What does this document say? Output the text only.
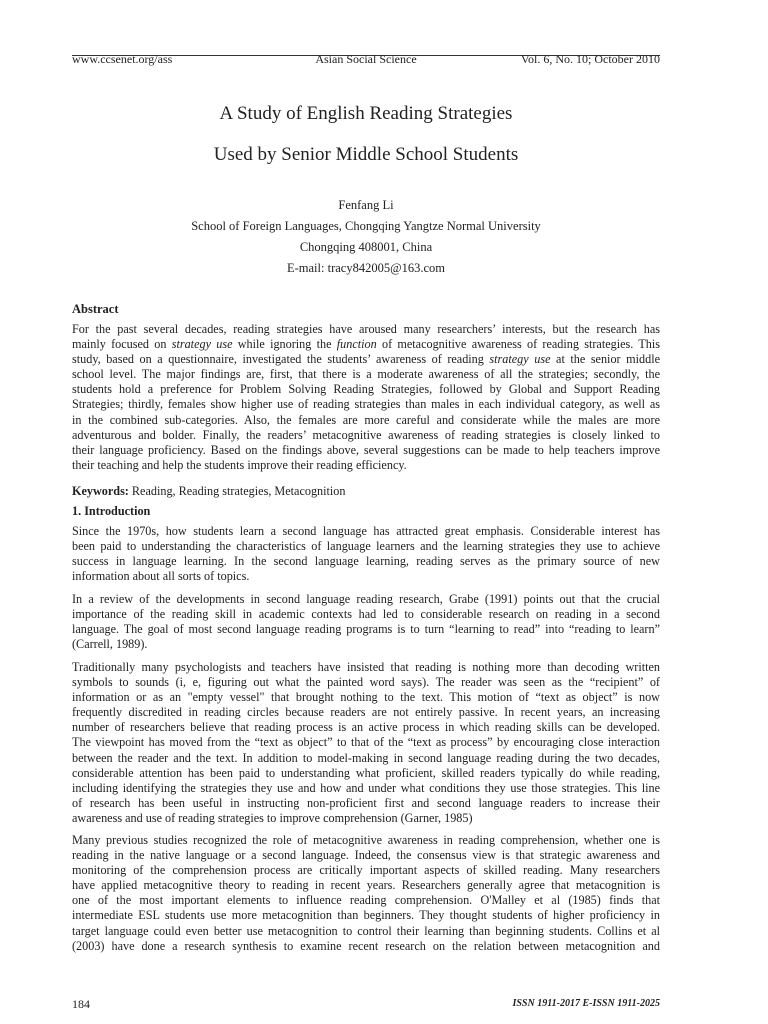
www.ccsenet.org/ass	Asian Social Science	Vol. 6, No. 10; October 2010
A Study of English Reading Strategies
Used by Senior Middle School Students
Fenfang Li
School of Foreign Languages, Chongqing Yangtze Normal University
Chongqing 408001, China
E-mail: tracy842005@163.com
Abstract
For the past several decades, reading strategies have aroused many researchers’ interests, but the research has
mainly focused on strategy use while ignoring the function of metacognitive awareness of reading strategies. This
study, based on a questionnaire, investigated the students’ awareness of reading strategy use at the senior middle
school level. The major findings are, first, that there is a moderate awareness of all the strategies; secondly, the
students hold a preference for Problem Solving Reading Strategies, followed by Global and Support Reading
Strategies; thirdly, females show higher use of reading strategies than males in each individual category, as well as
in the combined sub-categories. Also, the females are more careful and considerate while the males are more
adventurous and bolder. Finally, the readers’ metacognitive awareness of reading strategies is closely linked to
their language proficiency. Based on the findings above, several suggestions can be made to help teachers improve
their teaching and help the students improve their reading efficiency.
Keywords: Reading, Reading strategies, Metacognition
1. Introduction
Since the 1970s, how students learn a second language has attracted great emphasis. Considerable interest has
been paid to understanding the characteristics of language learners and the learning strategies they use to achieve
success in language learning. In the second language learning, reading serves as the primary source of new
information about all sorts of topics.
In a review of the developments in second language reading research, Grabe (1991) points out that the crucial
importance of the reading skill in academic contexts had led to considerable research on reading in a second
language. The goal of most second language reading programs is to turn “learning to read” into “reading to learn”
(Carrell, 1989).
Traditionally many psychologists and teachers have insisted that reading is nothing more than decoding written
symbols to sounds (i, e, figuring out what the painted word says). The reader was seen as the “recipient” of
information or as an "empty vessel" that brought nothing to the text. This motion of “text as object” is now
frequently discredited in reading circles because readers are not entirely passive. In recent years, an increasing
number of researchers believe that reading process is an active process in which reading skills can be developed.
The viewpoint has moved from the “text as object” to that of the “text as process” by encouraging close interaction
between the reader and the text. In addition to model-making in second language reading during the two decades,
considerable attention has been paid to understanding what proficient, skilled readers typically do while reading,
including identifying the strategies they use and how and under what conditions they use those strategies. This line
of research has been useful in instructing non-proficient first and second language readers to increase their
awareness and use of reading strategies to improve comprehension (Garner, 1985)
Many previous studies recognized the role of metacognitive awareness in reading comprehension, whether one is
reading in the native language or a second language. Indeed, the consensus view is that strategic awareness and
monitoring of the comprehension process are critically important aspects of skilled reading. Many researchers
have applied metacognitive theory to reading in recent years. Researchers generally agree that metacognition is
one of the most important elements to influence reading comprehension. O'Malley et al (1985) finds that
intermediate ESL students use more metacognition than beginners. They thought students of higher proficiency in
target language could even better use metacognition to control their learning than beginning students. Collins et al
(2003) have done a research synthesis to examine recent research on the relation between metacognition and
184	ISSN 1911-2017 E-ISSN 1911-2025
